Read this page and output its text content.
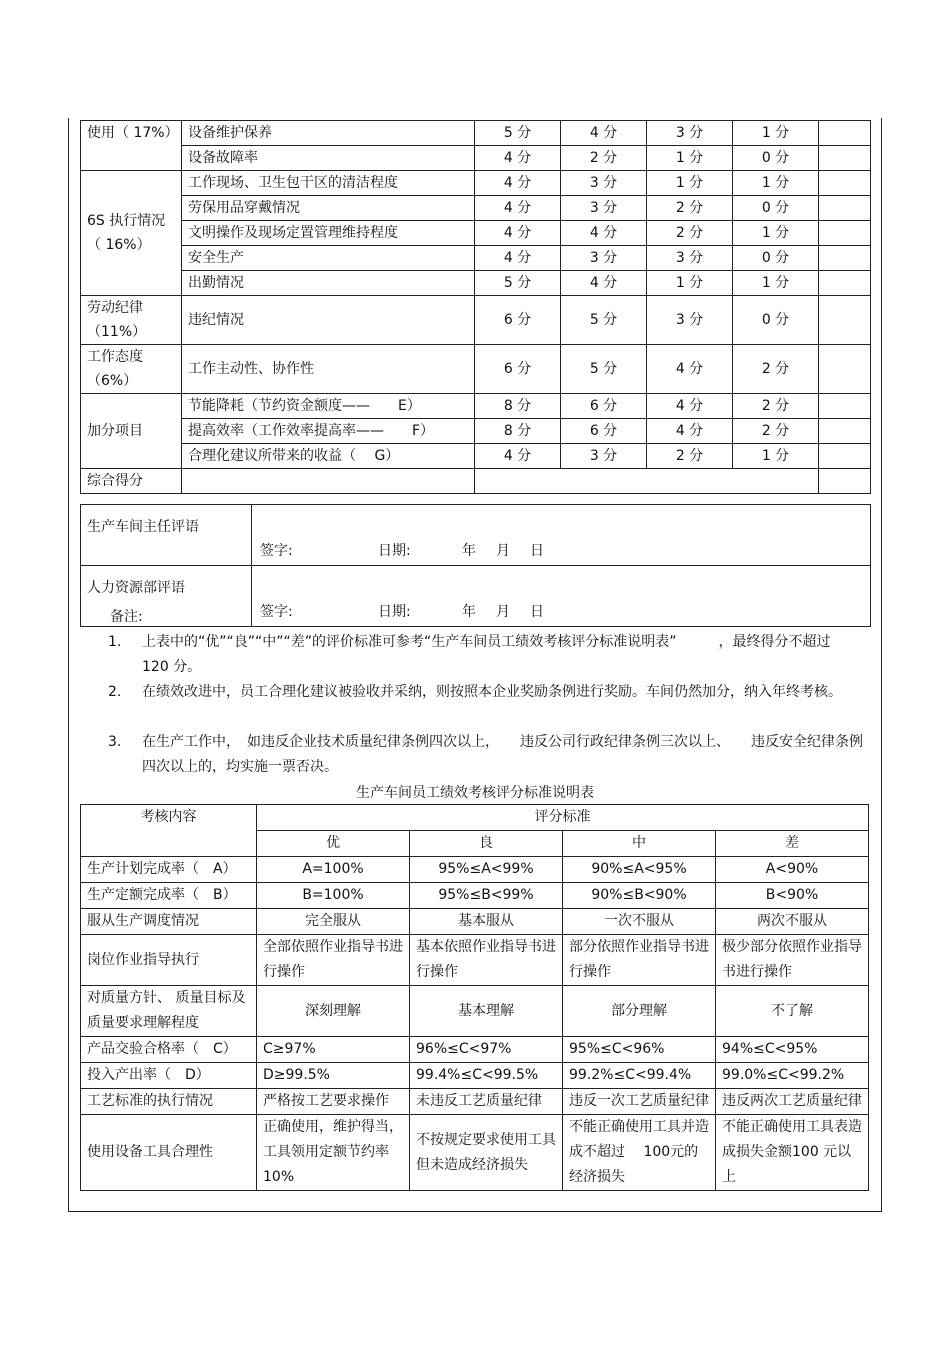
使用（ 17%）	设备维护保养	5 分	4 分	3 分	1 分	
	设备故障率	4 分	2 分	1 分	0 分	
6S 执行情况（ 16%）	工作现场、卫生包干区的清洁程度	4 分	3 分	1 分	1 分	
	劳保用品穿戴情况	4 分	3 分	2 分	0 分	
	文明操作及现场定置管理维持程度	4 分	4 分	2 分	1 分	
	安全生产	4 分	3 分	3 分	0 分	
	出勤情况	5 分	4 分	1 分	1 分	
劳动纪律（11%）	违纪情况	6 分	5 分	3 分	0 分	
工作态度（6%）	工作主动性、协作性	6 分	5 分	4 分	2 分	
加分项目	节能降耗（节约资金额度——　　E）	8 分	6 分	4 分	2 分	
	提高效率（工作效率提高率——　　F）	8 分	6 分	4 分	2 分	
	合理化建议所带来的收益（　 G）	4 分	3 分	2 分	1 分	
综合得分						
生产车间主任评语	签字: 日期: 年 月 日
人力资源部评语	签字: 日期: 年 月 日
备注:
1. 上表中的“优”“良”“中”“差”的评价标准可参考“生产车间员工绩效考核评分标准说明表”　　　，最终得分不超过　120 分。
2. 在绩效改进中，员工合理化建议被验收并采纳，则按照本企业奖励条例进行奖励。车间仍然加分，纳入年终考核。
3. 在生产工作中，　如违反企业技术质量纪律条例四次以上，　　违反公司行政纪律条例三次以上、　　违反安全纪律条例四次以上的，均实施一票否决。
生产车间员工绩效考核评分标准说明表
考核内容	评分标准			
	优	良	中	差
生产计划完成率（　A）	A=100%	95%≤A<99%	90%≤A<95%	A<90%
生产定额完成率（　B）	B=100%	95%≤B<99%	90%≤B<90%	B<90%
服从生产调度情况	完全服从	基本服从	一次不服从	两次不服从
岗位作业指导执行	全部依照作业指导书进行操作	基本依照作业指导书进行操作	部分依照作业指导书进行操作	极少部分依照作业指导书进行操作
对质量方针、 质量目标及质量要求理解程度	深刻理解	基本理解	部分理解	不了解
产品交验合格率（　C）	C≥97%	96%≤C<97%	95%≤C<96%	94%≤C<95%
投入产出率（　D）	D≥99.5%	99.4%≤C<99.5%	99.2%≤C<99.4%	99.0%≤C<99.2%
工艺标准的执行情况	严格按工艺要求操作	未违反工艺质量纪律	违反一次工艺质量纪律	违反两次工艺质量纪律
使用设备工具合理性	正确使用，维护得当，工具领用定额节约率　10%	不按规定要求使用工具但未造成经济损失	不能正确使用工具并造成不超过　 100元的经济损失	不能正确使用工具表造成损失金额100 元以上
